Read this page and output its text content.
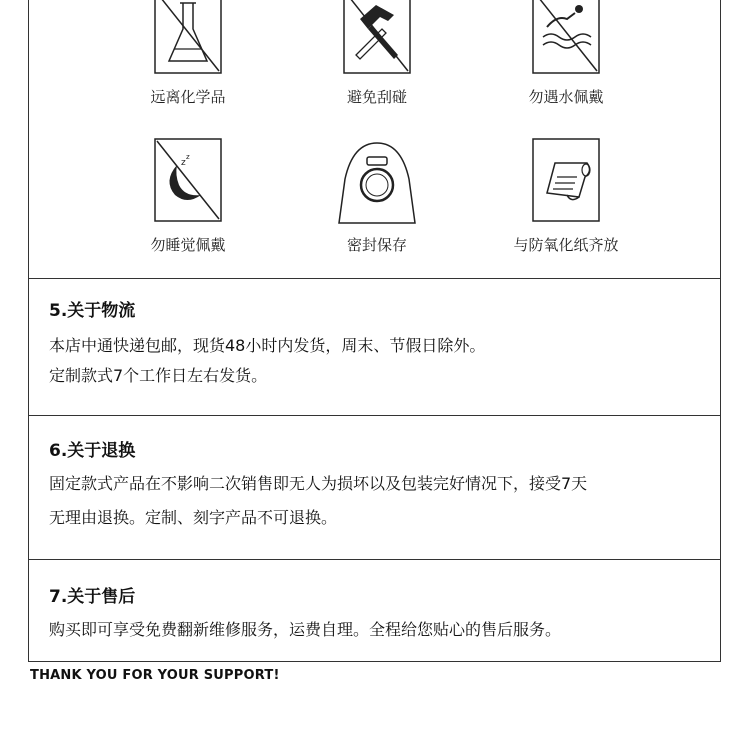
远离化学品	避免刮碰	勿遇水佩戴
z
z
勿睡觉佩戴	密封保存	与防氧化纸齐放

5.关于物流

本店中通快递包邮，现货48小时内发货，周末、节假日除外。

定制款式7个工作日左右发货。

6.关于退换

固定款式产品在不影响二次销售即无人为损坏以及包装完好情况下，接受7天

无理由退换。定制、刻字产品不可退换。

7.关于售后

购买即可享受免费翻新维修服务，运费自理。全程给您贴心的售后服务。

THANK YOU FOR YOUR SUPPORT!
